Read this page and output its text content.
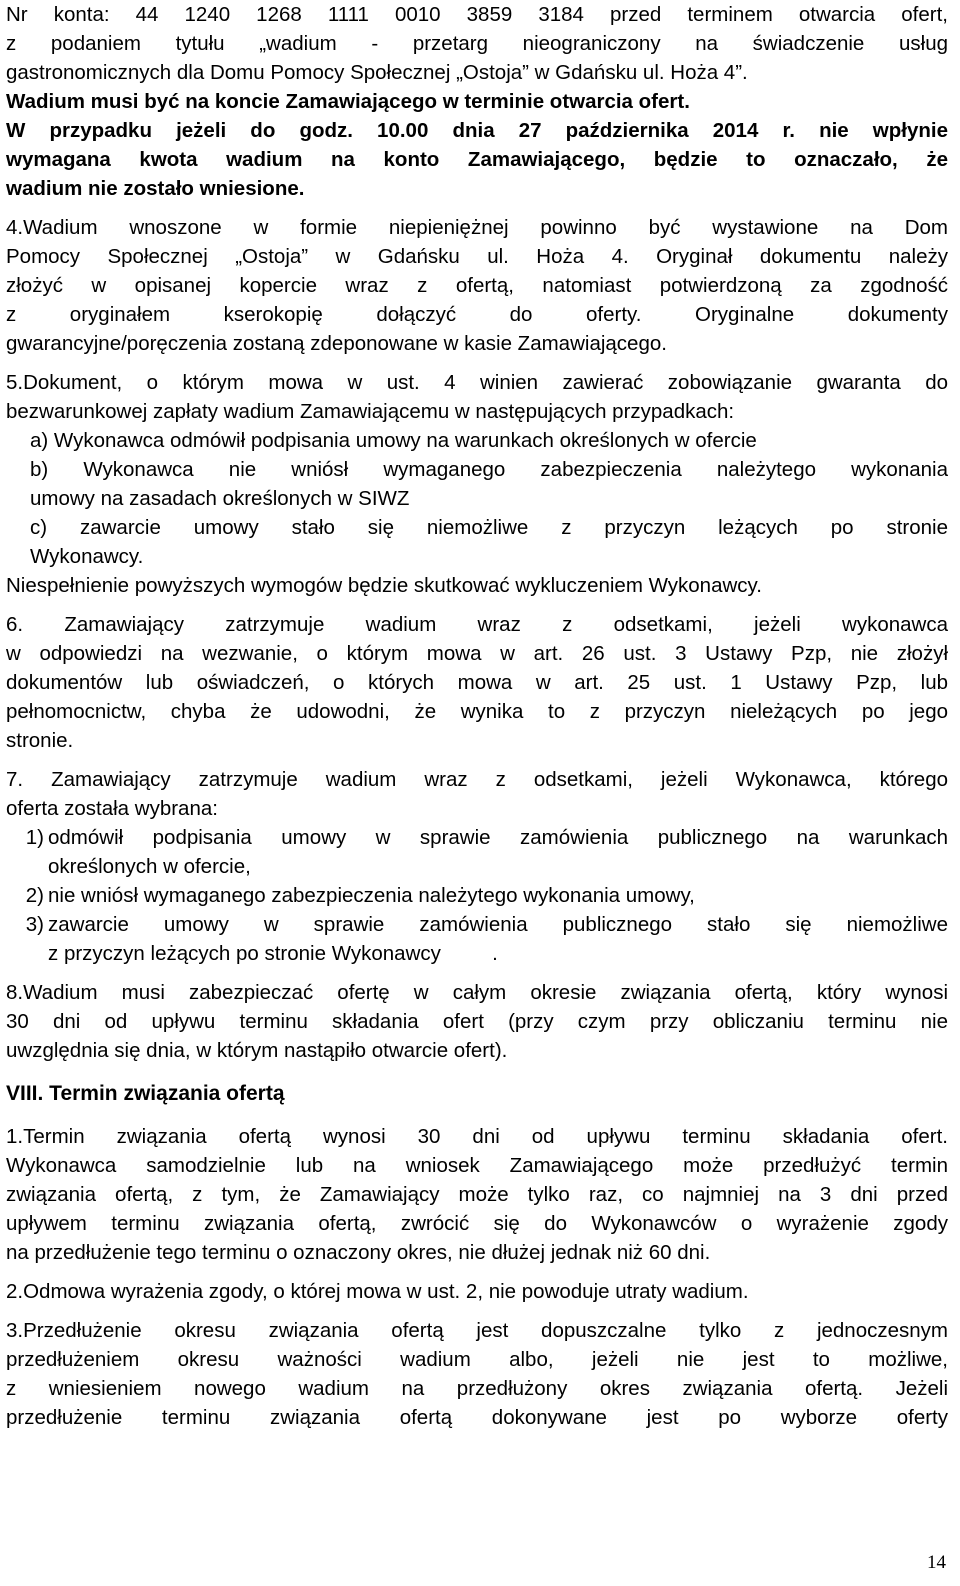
Nr konta: 44 1240 1268 1111 0010 3859 3184 przed terminem otwarcia ofert,
z podaniem tytułu „wadium - przetarg nieograniczony na świadczenie usług
gastronomicznych dla Domu Pomocy Społecznej „Ostoja” w Gdańsku ul. Hoża 4”.
Wadium musi być na koncie Zamawiającego w terminie otwarcia ofert.
W przypadku jeżeli do godz. 10.00 dnia 27 października 2014 r. nie wpłynie
wymagana kwota wadium na konto Zamawiającego, będzie to oznaczało, że
wadium nie zostało wniesione.
4.Wadium wnoszone w formie niepieniężnej powinno być wystawione na Dom
Pomocy Społecznej „Ostoja” w Gdańsku ul. Hoża 4. Oryginał dokumentu należy
złożyć w opisanej kopercie wraz z ofertą, natomiast potwierdzoną za zgodność
z oryginałem kserokopię dołączyć do oferty. Oryginalne dokumenty
gwarancyjne/poręczenia zostaną zdeponowane w kasie Zamawiającego.
5.Dokument, o którym mowa w ust. 4 winien zawierać zobowiązanie gwaranta do
bezwarunkowej zapłaty wadium Zamawiającemu w następujących przypadkach:
a) Wykonawca odmówił podpisania umowy na warunkach określonych w ofercie
b) Wykonawca nie wniósł wymaganego zabezpieczenia należytego wykonania
umowy na zasadach określonych w SIWZ
c) zawarcie umowy stało się niemożliwe z przyczyn leżących po stronie
Wykonawcy.
Niespełnienie powyższych wymogów będzie skutkować wykluczeniem Wykonawcy.
6. Zamawiający zatrzymuje wadium wraz z odsetkami, jeżeli wykonawca
w odpowiedzi na wezwanie, o którym mowa w art. 26 ust. 3 Ustawy Pzp, nie złożył
dokumentów lub oświadczeń, o których mowa w art. 25 ust. 1 Ustawy Pzp, lub
pełnomocnictw, chyba że udowodni, że wynika to z przyczyn nieleżących po jego
stronie.
7. Zamawiający zatrzymuje wadium wraz z odsetkami, jeżeli Wykonawca, którego
oferta została wybrana:
1) odmówił podpisania umowy w sprawie zamówienia publicznego na warunkach
określonych w ofercie,
2) nie wniósł wymaganego zabezpieczenia należytego wykonania umowy,
3) zawarcie umowy w sprawie zamówienia publicznego stało się niemożliwe
z przyczyn leżących po stronie Wykonawcy         .
8.Wadium musi zabezpieczać ofertę w całym okresie związania ofertą, który wynosi
30 dni od upływu terminu składania ofert (przy czym przy obliczaniu terminu nie
uwzględnia się dnia, w którym nastąpiło otwarcie ofert).
VIII. Termin związania ofertą
1.Termin związania ofertą wynosi 30 dni od upływu terminu składania ofert.
Wykonawca samodzielnie lub na wniosek Zamawiającego może przedłużyć termin
związania ofertą, z tym, że Zamawiający może tylko raz, co najmniej na 3 dni przed
upływem terminu związania ofertą, zwrócić się do Wykonawców o wyrażenie zgody
na przedłużenie tego terminu o oznaczony okres, nie dłużej jednak niż 60 dni.
2.Odmowa wyrażenia zgody, o której mowa w ust. 2, nie powoduje utraty wadium.
3.Przedłużenie okresu związania ofertą jest dopuszczalne tylko z jednoczesnym
przedłużeniem okresu ważności wadium albo, jeżeli nie jest to możliwe,
z wniesieniem nowego wadium na przedłużony okres związania ofertą. Jeżeli
przedłużenie terminu związania ofertą dokonywane jest po wyborze oferty
14
